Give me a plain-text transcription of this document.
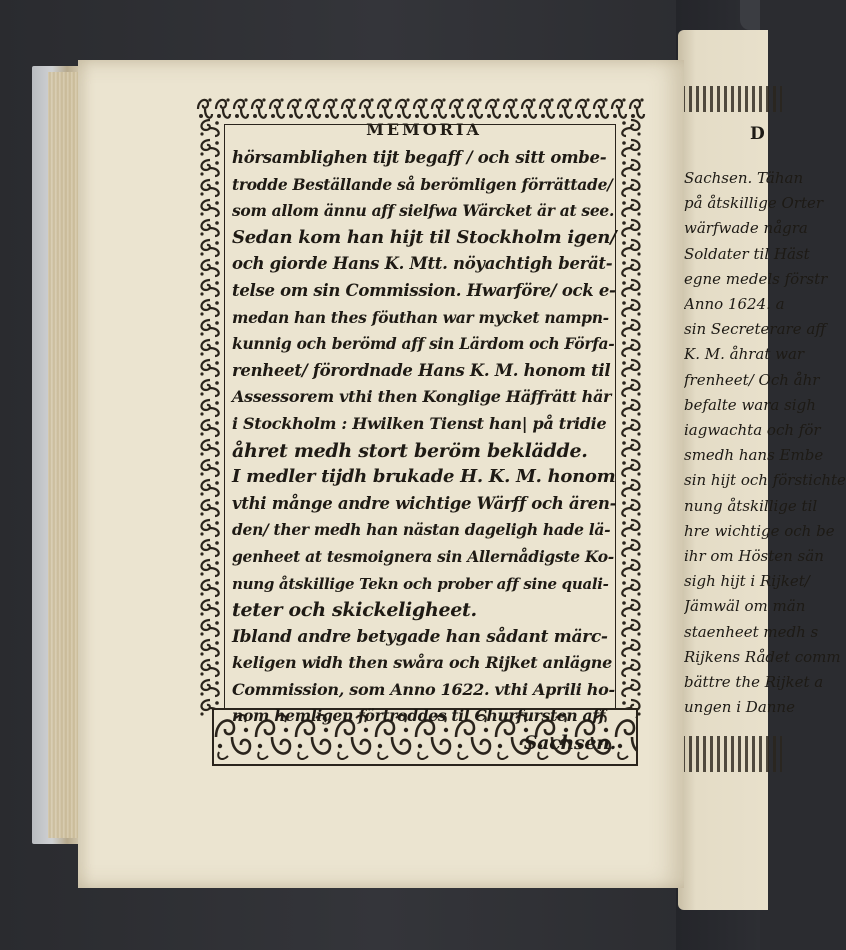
D
Sachsen. Tähan
på åtskillige Orter
wärfwade några
Soldater til Häst
egne medels förstr
Anno 1624. a
sin Secreterare aff
K. M. åhrat war
frenheet/ Och åhr
befalte wara sigh
iagwachta och för
smedh hans Embe
sin hijt och förstichte
nung åtskillige til
hre wichtige och be
ihr om Hösten sän
sigh hijt i Rijket/
Jämwäl om män
staenheet medh s
Rijkens Rådet comm
bättre the Rijket a
ungen i Danne
MEMORIA
hörsamblighen tijt begaff / och sitt ombe-
trodde Beställande så berömligen förrättade/
som allom ännu aff sielfwa Wärcket är at see.
Sedan kom han hijt til Stockholm igen/
och giorde Hans K. Mtt. nöyachtigh berät-
telse om sin Commission. Hwarföre/ ock e-
medan han thes föuthan war mycket nampn-
kunnig och berömd aff sin Lärdom och Förfa-
renheet/ förordnade Hans K. M. honom til
Assessorem vthi then Konglige Häffrätt här
i Stockholm : Hwilken Tienst han| på tridie
åhret medh stort beröm beklädde.
I medler tijdh brukade H. K. M. honom
vthi månge andre wichtige Wärff och ären-
den/ ther medh han nästan dageligh hade lä-
genheet at tesmoignera sin Allernådigste Ko-
nung åtskillige Tekn och prober aff sine quali-
teter och skickeligheet.
Ibland andre betygade han sådant märc-
keligen widh then swåra och Rijket anlägne
Commission, som Anno 1622. vthi Aprili ho-
nom hemligen förtroddes til Churfursten aff
Sachsen.
